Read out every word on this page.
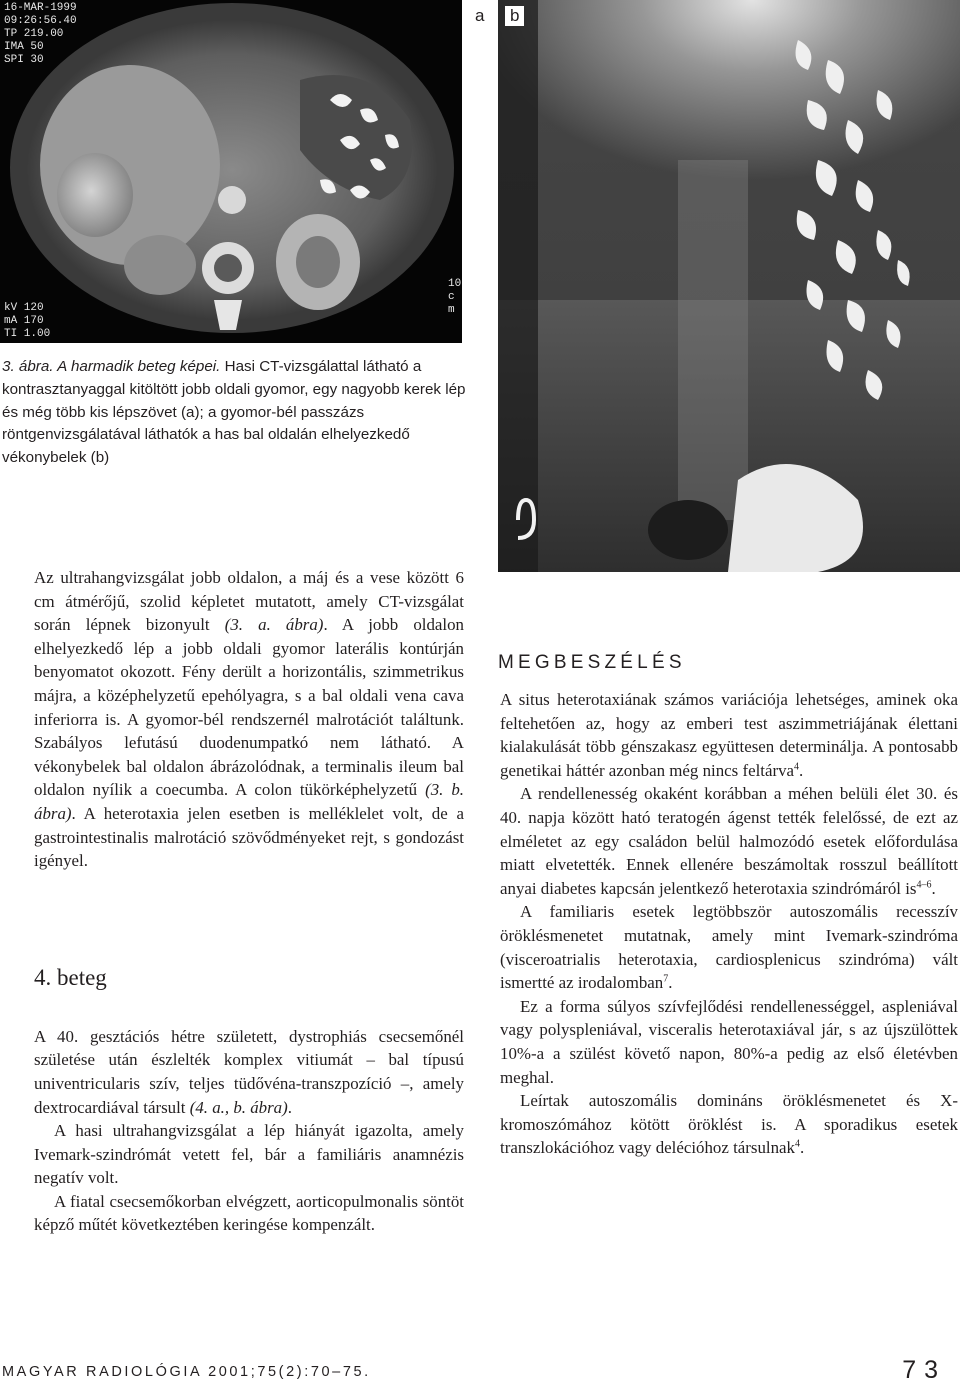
16-MAR-1999
09:26:56.40
TP 219.00
IMA 50
SPI 30
10
c
m
kV 120
mA 170
TI 1.00
a b
3. ábra. A harmadik beteg képei. Hasi CT-vizsgálattal látható a kontrasztanyaggal kitöltött jobb oldali gyomor, egy nagyobb kerek lép és még több kis lépszövet (a); a gyomor-bél passzázs röntgenvizsgálatával láthatók a has bal oldalán elhelyezkedő vékonybelek (b)

Az ultrahangvizsgálat jobb oldalon, a máj és a vese között 6 cm átmérőjű, szolid képletet mutatott, amely CT-vizsgálat során lépnek bizonyult (3. a. ábra). A jobb oldalon elhelyezkedő lép a jobb oldali gyomor laterális kontúrján benyomatot okozott. Fény derült a horizontális, szimmetrikus májra, a középhelyzetű epehólyagra, s a bal oldali vena cava inferiorra is. A gyomor-bél rendszernél malrotációt találtunk. Szabályos lefutású duodenumpatkó nem látható. A vékonybelek bal oldalon ábrázolódnak, a terminalis ileum bal oldalon nyílik a coecumba. A colon tükörképhelyzetű (3. b. ábra). A heterotaxia jelen esetben is melléklelet volt, de a gastrointestinalis malrotáció szövődményeket rejt, s gondozást igényel.

A 40. gesztációs hétre született, dystrophiás csecsemőnél születése után észlelték komplex vitiumát – bal típusú univentricularis szív, teljes tüdővéna-transzpozíció –, amely dextrocardiával társult (4. a., b. ábra).

A hasi ultrahangvizsgálat a lép hiányát igazolta, amely Ivemark-szindrómát vetett fel, bár a familiáris anamnézis negatív volt.

A fiatal csecsemőkorban elvégzett, aorticopulmonalis söntöt képző műtét következtében keringése kompenzált.

4. beteg
MEGBESZÉLÉS

A situs heterotaxiának számos variációja lehetséges, aminek oka feltehetően az, hogy az emberi test aszimmetriájának élettani kialakulását több génszakasz együttesen determinálja. A pontosabb genetikai háttér azonban még nincs feltárva$^4$.

A rendellenesség okaként korábban a méhen belüli élet 30. és 40. napja között ható teratogén ágenst tették felelőssé, de ezt az elméletet az egy családon belül halmozódó esetek előfordulása miatt elvetették. Ennek ellenére beszámoltak rosszul beállított anyai diabetes kapcsán jelentkező heterotaxia szindrómáról $is^{4-6}$.

A familiaris esetek legtöbbször autoszomális recesszív öröklésmenetet mutatnak, amely mint Ivemark-szindróma (visceroatrialis heterotaxia, cardiosplenicus szindróma) vált ismertté az irodalomban$^7$.

Ez a forma súlyos szívfejlődési rendellenességgel, aspleniával vagy polyspleniával, visceralis heterotaxiával jár, s az újszülöttek 10%-a a szülést követő napon, 80%-a pedig az első életévben meghal.

Leírtak autoszomális domináns öröklésmenetet és X-kromoszómához kötött öröklést is. A sporadikus esetek transzlokációhoz vagy delécióhoz társulnak$^4$.

MAGYAR RADIOLÓGIA 2001;75(2):70–75.	73
